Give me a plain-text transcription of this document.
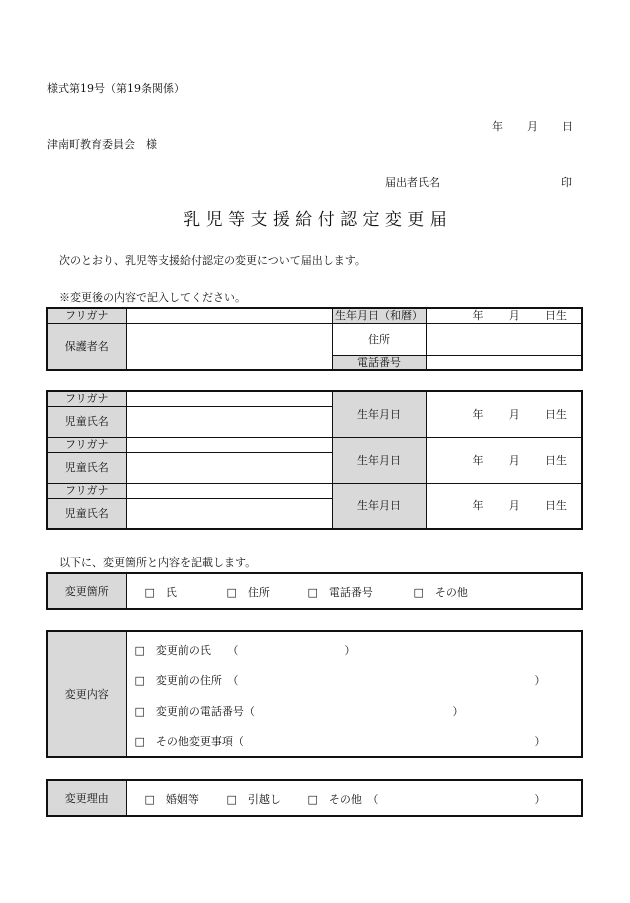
様式第19号（第19条関係）
年 月 日
津南町教育委員会　様
届出者氏名	印
乳 児 等 支 援 給 付 認 定 変 更 届
次のとおり、乳児等支援給付認定の変更について届出します。
※変更後の内容で記入してください。
フリガナ		生年月日（和暦）	年 月 日生

保護者名		住所	
		電話番号	
フリガナ		生年月日	年 月 日生

児童氏名			
フリガナ		生年月日	年 月 日生

児童氏名			
フリガナ		生年月日	年 月 日生

児童氏名			
以下に、変更箇所と内容を記載します。
変更箇所	□　氏	□　住所	□　電話番号	□　その他
変更内容	
□　変更前の氏　　（	）
□　変更前の住所　（	）
□　変更前の電話番号（	）
□　その他変更事項（	）
変更理由	□　婚姻等	□　引越し □　その他　（	）
